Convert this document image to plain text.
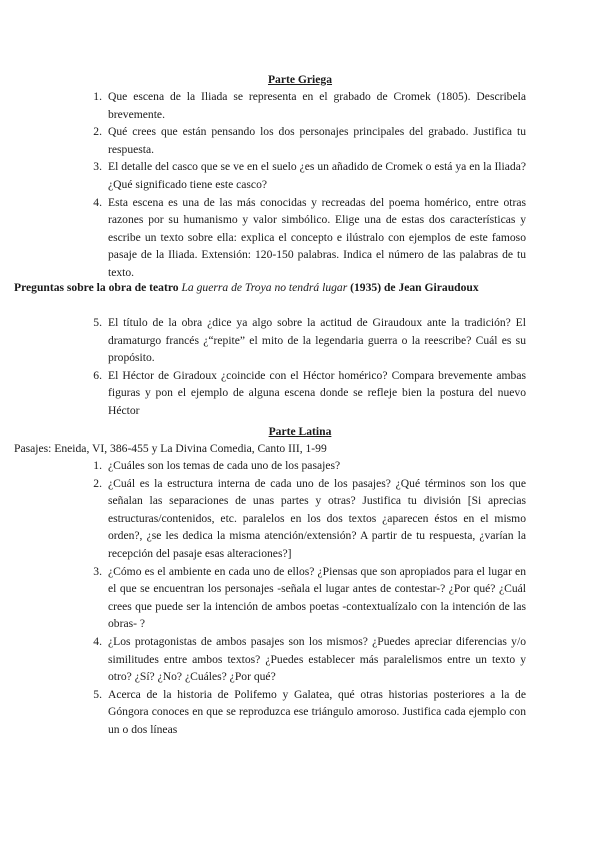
Parte Griega
1. Que escena de la Iliada se representa en el grabado de Cromek (1805). Describela brevemente.
2. Qué crees que están pensando los dos personajes principales del grabado. Justifica tu respuesta.
3. El detalle del casco que se ve en el suelo ¿es un añadido de Cromek o está ya en la Iliada? ¿Qué significado tiene este casco?
4. Esta escena es una de las más conocidas y recreadas del poema homérico, entre otras razones por su humanismo y valor simbólico. Elige una de estas dos características y escribe un texto sobre ella: explica el concepto e ilústralo con ejemplos de este famoso pasaje de la Iliada. Extensión: 120-150 palabras. Indica el número de las palabras de tu texto.
Preguntas sobre la obra de teatro La guerra de Troya no tendrá lugar (1935) de Jean Giraudoux
5. El título de la obra ¿dice ya algo sobre la actitud de Giraudoux ante la tradición? El dramaturgo francés ¿“repite” el mito de la legendaria guerra o la reescribe? Cuál es su propósito.
6. El Héctor de Giradoux ¿coincide con el Héctor homérico? Compara brevemente ambas figuras y pon el ejemplo de alguna escena donde se refleje bien la postura del nuevo Héctor
Parte Latina
Pasajes: Eneida, VI, 386-455 y La Divina Comedia, Canto III, 1-99
1. ¿Cuáles son los temas de cada uno de los pasajes?
2. ¿Cuál es la estructura interna de cada uno de los pasajes? ¿Qué términos son los que señalan las separaciones de unas partes y otras? Justifica tu división [Si aprecias estructuras/contenidos, etc. paralelos en los dos textos ¿aparecen éstos en el mismo orden?, ¿se les dedica la misma atención/extensión? A partir de tu respuesta, ¿varían la recepción del pasaje esas alteraciones?]
3. ¿Cómo es el ambiente en cada uno de ellos? ¿Piensas que son apropiados para el lugar en el que se encuentran los personajes -señala el lugar antes de contestar-? ¿Por qué? ¿Cuál crees que puede ser la intención de ambos poetas -contextualízalo con la intención de las obras- ?
4. ¿Los protagonistas de ambos pasajes son los mismos? ¿Puedes apreciar diferencias y/o similitudes entre ambos textos? ¿Puedes establecer más paralelismos entre un texto y otro? ¿Sí? ¿No? ¿Cuáles? ¿Por qué?
5. Acerca de la historia de Polifemo y Galatea, qué otras historias posteriores a la de Góngora conoces en que se reproduzca ese triángulo amoroso. Justifica cada ejemplo con un o dos líneas
